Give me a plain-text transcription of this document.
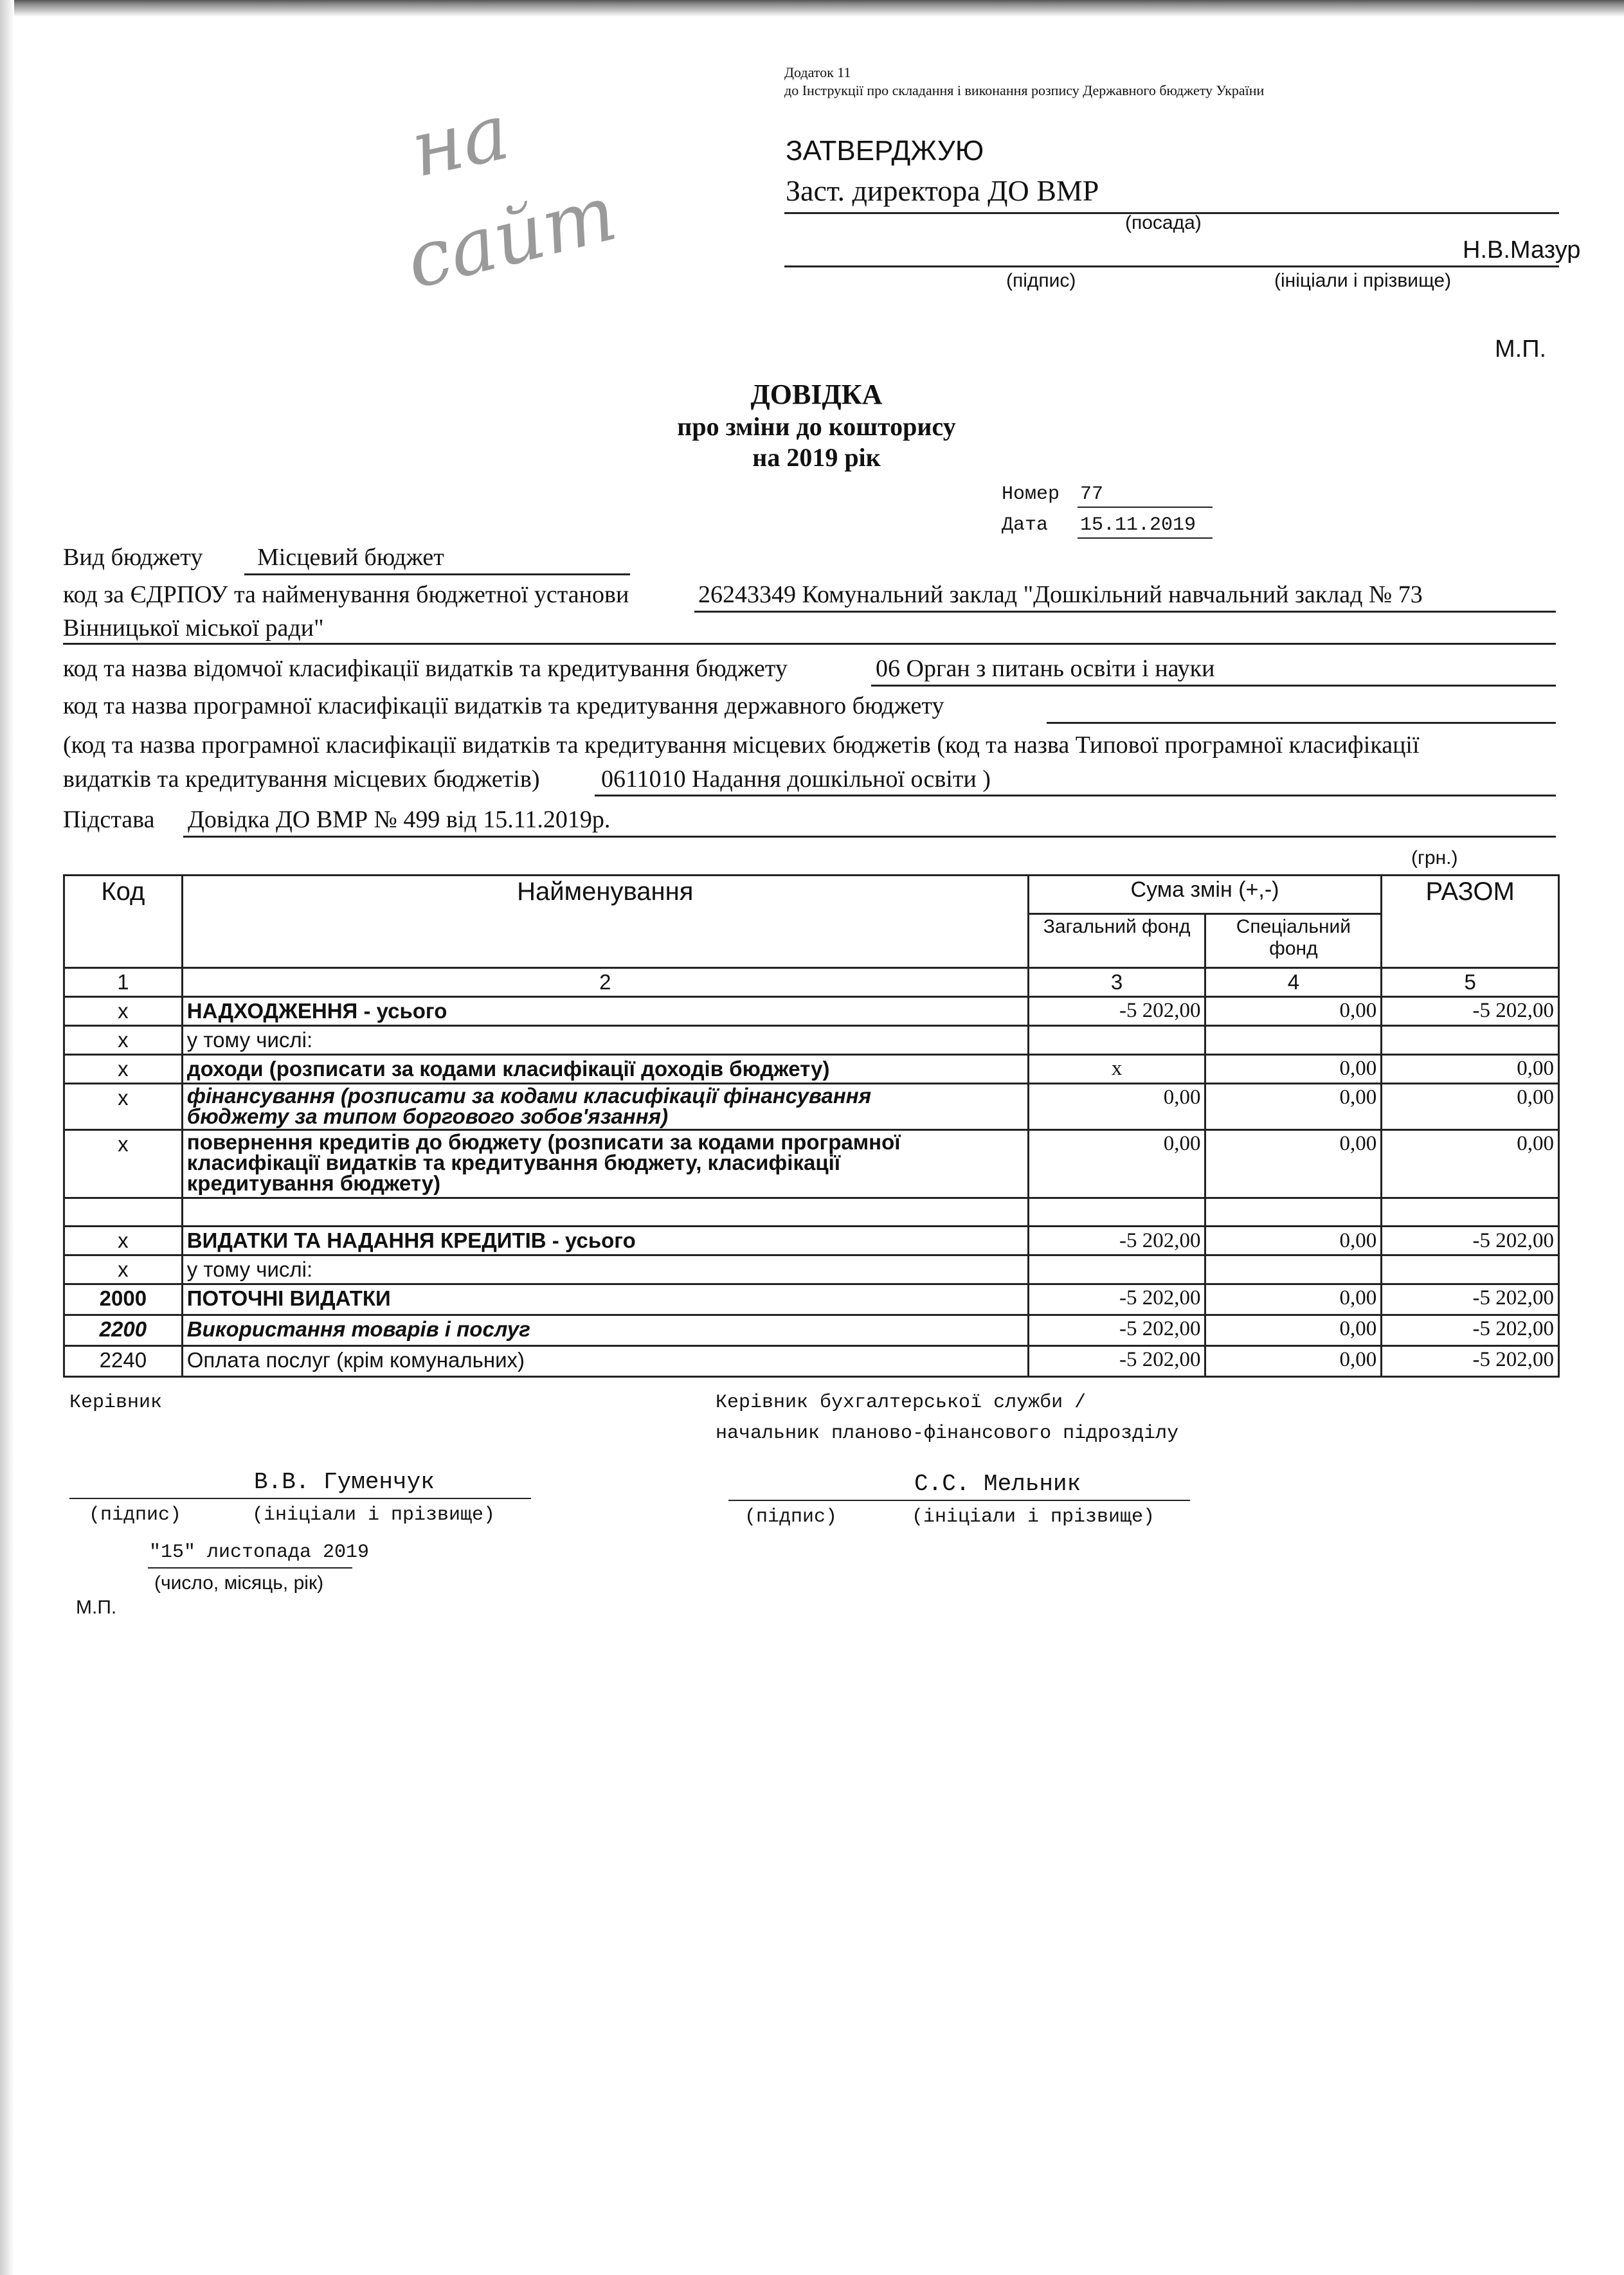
Додаток 11
до Інструкції про складання і виконання розпису Державного бюджету України
на
сайт
ЗАТВЕРДЖУЮ
Заст. директора ДО ВМР
(посада)
Н.В.Мазур
(підпис)	(ініціали і прізвище)
М.П.
ДОВІДКА
про зміни до кошторису
на 2019 рік
Номер 77
Дата 15.11.2019
Вид бюджету Місцевий бюджет
код за ЄДРПОУ та найменування бюджетної установи	26243349 Комунальний заклад "Дошкільний навчальний заклад № 73
Вінницької міської ради"
код та назва відомчої класифікації видатків та кредитування бюджету	06 Орган з питань освіти і науки
код та назва програмної класифікації видатків та кредитування державного бюджету
(код та назва програмної класифікації видатків та кредитування місцевих бюджетів (код та назва Типової програмної класифікації
видатків та кредитування місцевих бюджетів)	0611010 Надання дошкільної освіти )
Підстава Довідка ДО ВМР № 499 від 15.11.2019р.
(грн.)
Код	Найменування	Сума змін (+,-)		РАЗОМ
		Загальний фонд	Спеціальний фонд	
1	2	3	4	5
х	НАДХОДЖЕННЯ - усього	-5 202,00	0,00	-5 202,00
х	у тому числі:			
х	доходи (розписати за кодами класифікації доходів бюджету)	х	0,00	0,00
х	фінансування (розписати за кодами класифікації фінансування бюджету за типом боргового зобов'язання)	0,00	0,00	0,00
х	повернення кредитів до бюджету (розписати за кодами програмної класифікації видатків та кредитування бюджету, класифікації кредитування бюджету)	0,00	0,00	0,00

х	ВИДАТКИ ТА НАДАННЯ КРЕДИТІВ - усього	-5 202,00	0,00	-5 202,00
х	у тому числі:			
2000	ПОТОЧНІ ВИДАТКИ	-5 202,00	0,00	-5 202,00
2200	Використання товарів і послуг	-5 202,00	0,00	-5 202,00
2240	Оплата послуг (крім комунальних)	-5 202,00	0,00	-5 202,00
Керівник
В.В. Гуменчук
(підпис)	(ініціали і прізвище)
Керівник бухгалтерської служби /
начальник планово-фінансового підрозділу
С.С. Мельник
(підпис)	(ініціали і прізвище)
"15" листопада 2019
(число, місяць, рік)
М.П.
